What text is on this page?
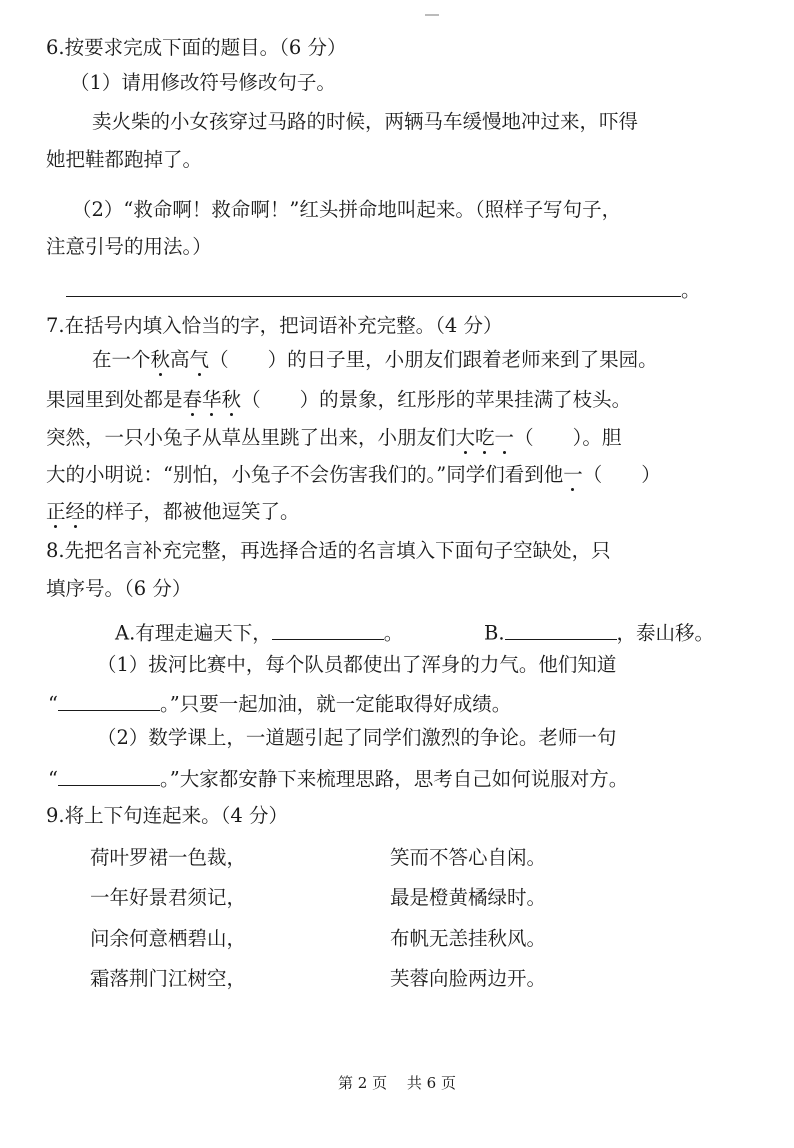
6.按要求完成下面的题目。（6 分）
（1）请用修改符号修改句子。
卖火柴的小女孩穿过马路的时候，两辆马车缓慢地冲过来，吓得
她把鞋都跑掉了。
（2）“救命啊！救命啊！”红头拼命地叫起来。（照样子写句子，
注意引号的用法。）
。
7.在括号内填入恰当的字，把词语补充完整。（4 分）
在一个秋高气（　　）的日子里，小朋友们跟着老师来到了果园。
果园里到处都是春华秋（　　）的景象，红彤彤的苹果挂满了枝头。
突然，一只小兔子从草丛里跳了出来，小朋友们大吃一（　　）。胆
大的小明说：“别怕，小兔子不会伤害我们的。”同学们看到他一（　　）
正经的样子，都被他逗笑了。
8.先把名言补充完整，再选择合适的名言填入下面句子空缺处，只
填序号。（6 分）
A.有理走遍天下，	。	B.	，泰山移。
（1）拔河比赛中，每个队员都使出了浑身的力气。他们知道
“	。”只要一起加油，就一定能取得好成绩。
（2）数学课上，一道题引起了同学们激烈的争论。老师一句
“	。”大家都安静下来梳理思路，思考自己如何说服对方。
9.将上下句连起来。（4 分）
荷叶罗裙一色裁，	笑而不答心自闲。
一年好景君须记，	最是橙黄橘绿时。
问余何意栖碧山，	布帆无恙挂秋风。
霜落荆门江树空，	芙蓉向脸两边开。
第 2 页　 共 6 页
